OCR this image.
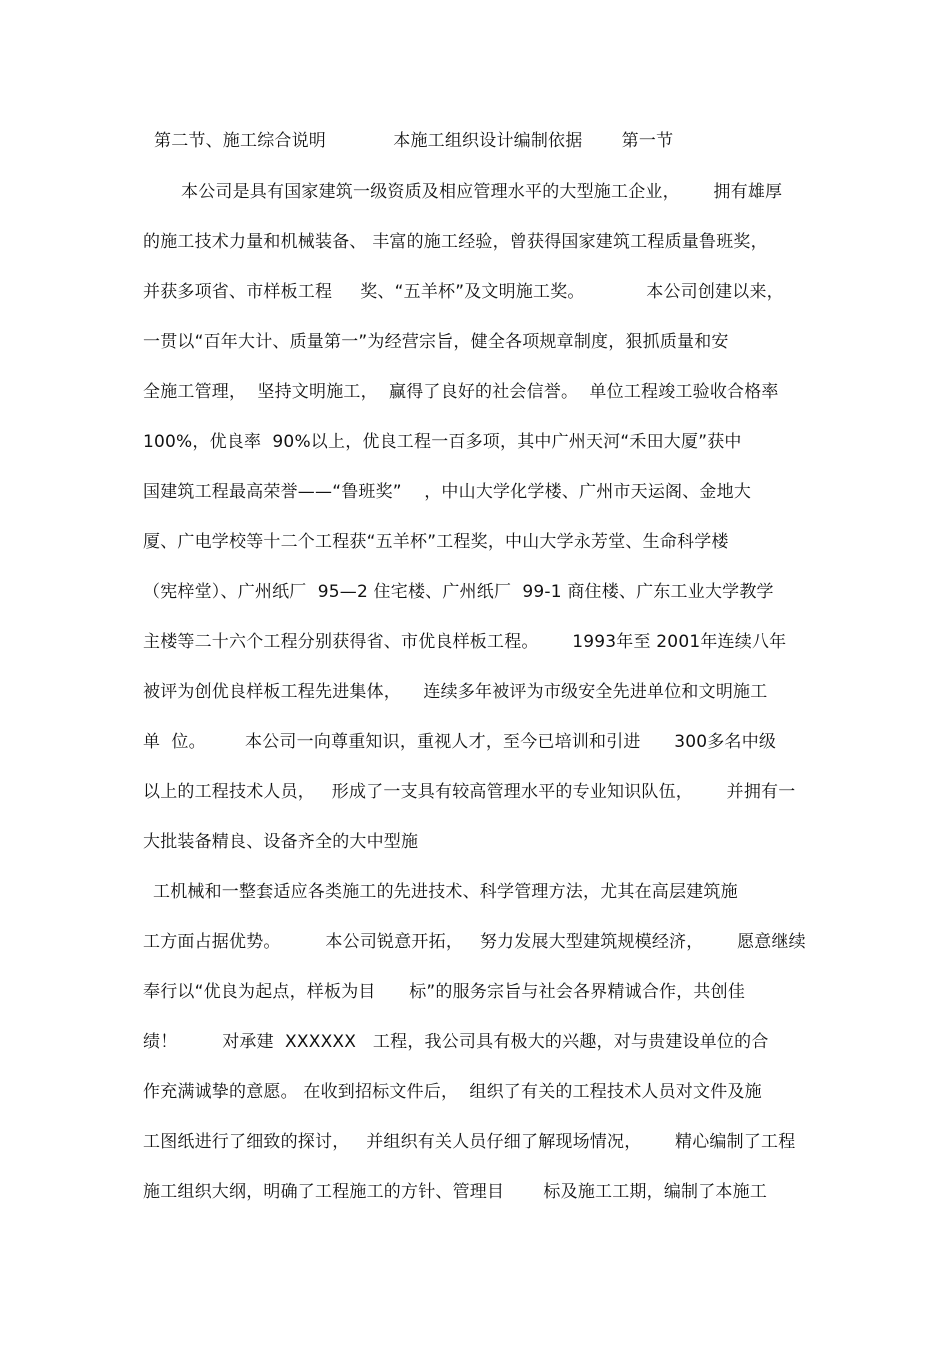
第二节、施工综合说明            本施工组织设计编制依据       第一节
本公司是具有国家建筑一级资质及相应管理水平的大型施工企业，      拥有雄厚
的施工技术力量和机械装备、 丰富的施工经验，曾获得国家建筑工程质量鲁班奖，
并获多项省、市样板工程     奖、“五羊杯”及文明施工奖。           本公司创建以来，
一贯以“百年大计、质量第一”为经营宗旨，健全各项规章制度，狠抓质量和安
全施工管理，  坚持文明施工，  赢得了良好的社会信誉。  单位工程竣工验收合格率
100%，优良率  90%以上，优良工程一百多项，其中广州天河“禾田大厦”获中
国建筑工程最高荣誉——“鲁班奖”    ，中山大学化学楼、广州市天运阁、金地大
厦、广电学校等十二个工程获“五羊杯”工程奖，中山大学永芳堂、生命科学楼
（宪梓堂）、广州纸厂  95—2 住宅楼、广州纸厂  99-1 商住楼、广东工业大学教学
主楼等二十六个工程分别获得省、市优良样板工程。      1993年至 2001年连续八年
被评为创优良样板工程先进集体，    连续多年被评为市级安全先进单位和文明施工
单  位。       本公司一向尊重知识，重视人才，至今已培训和引进      300多名中级
以上的工程技术人员，   形成了一支具有较高管理水平的专业知识队伍，      并拥有一
大批装备精良、设备齐全的大中型施
工机械和一整套适应各类施工的先进技术、科学管理方法，尤其在高层建筑施
工方面占据优势。        本公司锐意开拓，   努力发展大型建筑规模经济，      愿意继续
奉行以“优良为起点，样板为目      标”的服务宗旨与社会各界精诚合作，共创佳
绩！        对承建  XXXXXX   工程，我公司具有极大的兴趣，对与贵建设单位的合
作充满诚挚的意愿。 在收到招标文件后，  组织了有关的工程技术人员对文件及施
工图纸进行了细致的探讨，   并组织有关人员仔细了解现场情况，      精心编制了工程
施工组织大纲，明确了工程施工的方针、管理目       标及施工工期，编制了本施工
